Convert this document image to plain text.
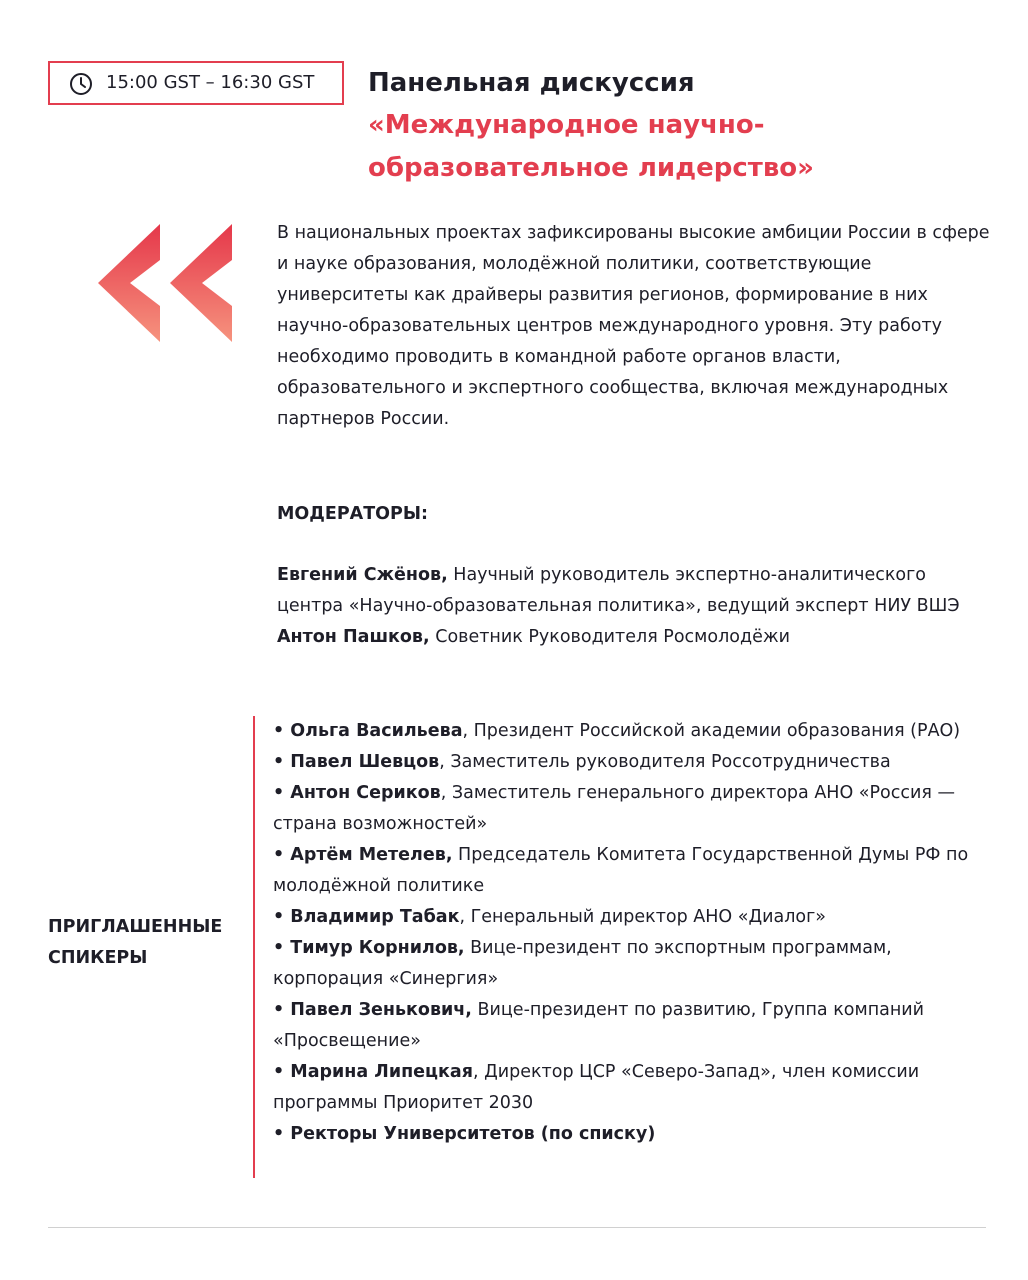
15:00 GST – 16:30 GST Панельная дискуссия

«Международное научно-

образовательное лидерство»

В национальных проектах зафиксированы высокие амбиции России в сфере и науке образования, молодёжной политики, соответствующие университеты как драйверы развития регионов, формирование в них научно-образовательных центров международного уровня. Эту работу необходимо проводить в командной работе органов власти, образовательного и экспертного сообщества, включая международных партнеров России.

МОДЕРАТОРЫ:

Евгений Сжёнов, Научный руководитель экспертно-аналитического центра «Научно-образовательная политика», ведущий эксперт НИУ ВШЭ

Антон Пашков, Советник Руководителя Росмолодёжи

ПРИГЛАШЕННЫЕ СПИКЕРЫ

• Ольга Васильева, Президент Российской академии образования (РАО)

• Павел Шевцов, Заместитель руководителя Россотрудничества

• Антон Сериков, Заместитель генерального директора АНО «Россия — страна возможностей»

• Артём Метелев, Председатель Комитета Государственной Думы РФ по молодёжной политике

• Владимир Табак, Генеральный директор АНО «Диалог»

• Тимур Корнилов, Вице-президент по экспортным программам, корпорация «Синергия»

• Павел Зенькович, Вице-президент по развитию, Группа компаний «Просвещение»

• Марина Липецкая, Директор ЦСР «Северо-Запад», член комиссии программы Приоритет 2030

• Ректоры Университетов (по списку)
